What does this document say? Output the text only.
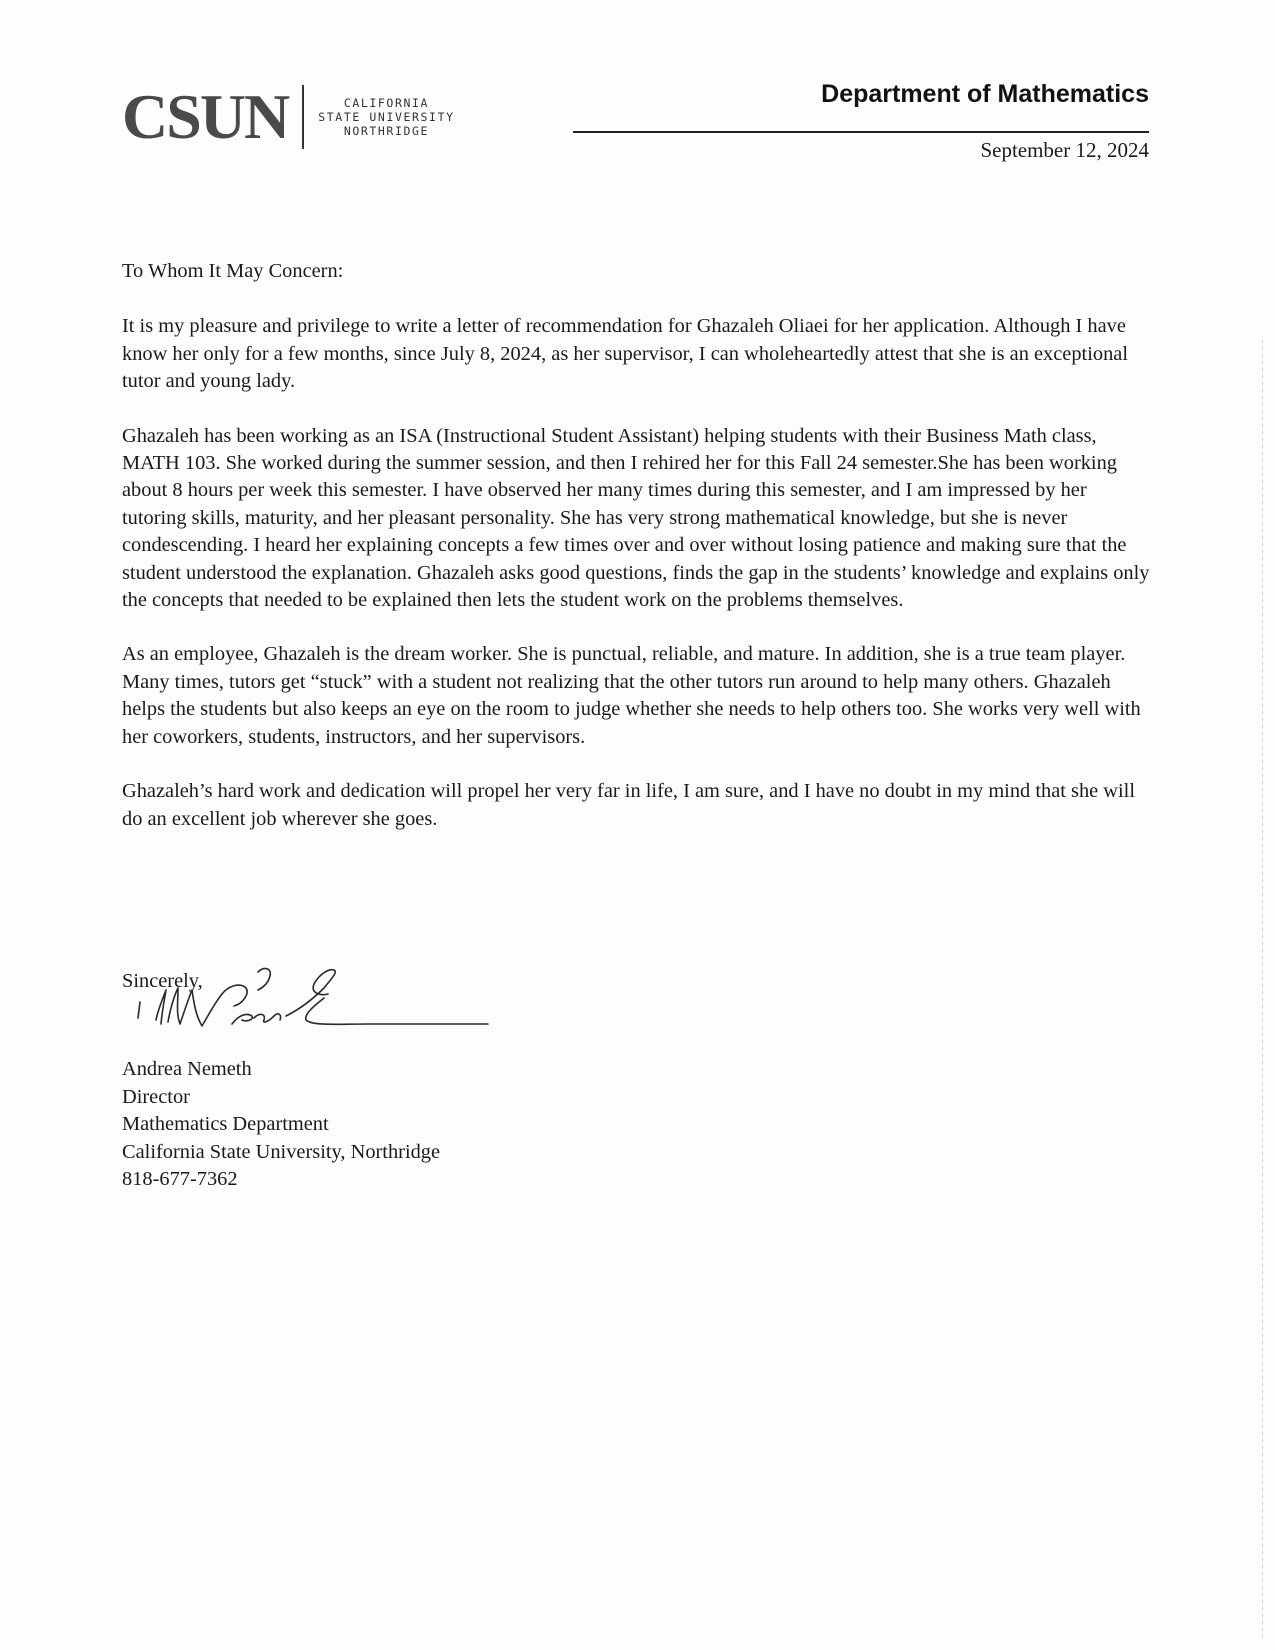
CSUN	CALIFORNIA
STATE UNIVERSITY
NORTHRIDGE
Department of Mathematics
September 12, 2024

To Whom It May Concern:

It is my pleasure and privilege to write a letter of recommendation for Ghazaleh Oliaei for her application. Although I have know her only for a few months, since July 8, 2024, as her supervisor, I can wholeheartedly attest that she is an exceptional tutor and young lady.

Ghazaleh has been working as an ISA (Instructional Student Assistant) helping students with their Business Math class, MATH 103. She worked during the summer session, and then I rehired her for this Fall 24 semester.She has been working about 8 hours per week this semester. I have observed her many times during this semester, and I am impressed by her tutoring skills, maturity, and her pleasant personality. She has very strong mathematical knowledge, but she is never condescending. I heard her explaining concepts a few times over and over without losing patience and making sure that the student understood the explanation. Ghazaleh asks good questions, finds the gap in the students’ knowledge and explains only the concepts that needed to be explained then lets the student work on the problems themselves.

As an employee, Ghazaleh is the dream worker. She is punctual, reliable, and mature. In addition, she is a true team player. Many times, tutors get “stuck” with a student not realizing that the other tutors run around to help many others. Ghazaleh helps the students but also keeps an eye on the room to judge whether she needs to help others too. She works very well with her coworkers, students, instructors, and her supervisors.

Ghazaleh’s hard work and dedication will propel her very far in life, I am sure, and I have no doubt in my mind that she will do an excellent job wherever she goes.

Sincerely,
Andrea Nemeth
Director
Mathematics Department
California State University, Northridge
818-677-7362
